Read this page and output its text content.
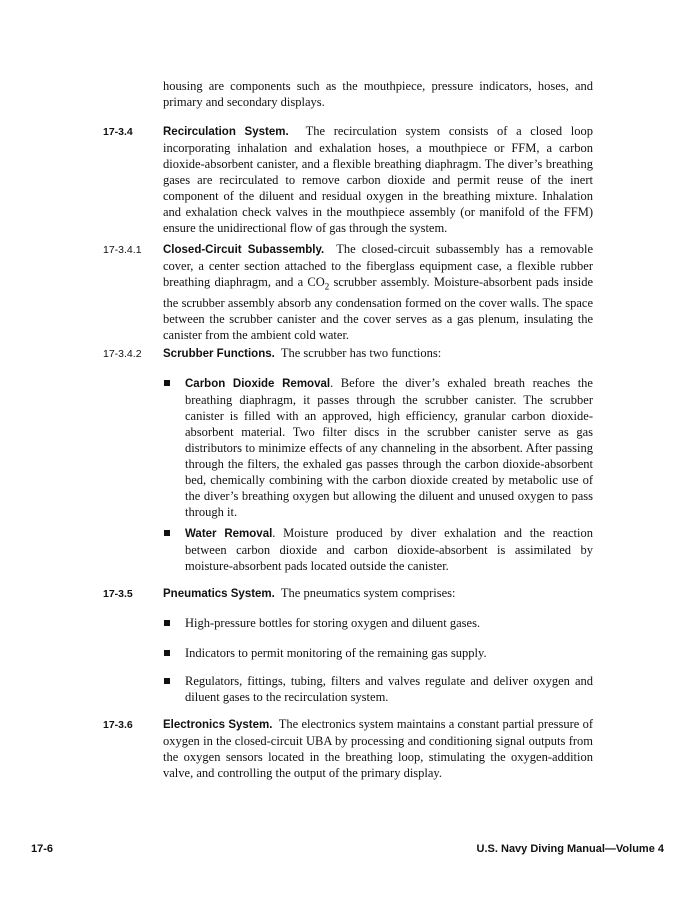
housing are components such as the mouthpiece, pressure indicators, hoses, and primary and secondary displays.
17-3.4	Recirculation System. The recirculation system consists of a closed loop incorporating inhalation and exhalation hoses, a mouthpiece or FFM, a carbon dioxide-absorbent canister, and a flexible breathing diaphragm. The diver’s breathing gases are recirculated to remove carbon dioxide and permit reuse of the inert component of the diluent and residual oxygen in the breathing mixture. Inhalation and exhalation check valves in the mouthpiece assembly (or manifold of the FFM) ensure the unidirectional flow of gas through the system.
17-3.4.1 Closed-Circuit Subassembly. The closed-circuit subassembly has a removable cover, a center section attached to the fiberglass equipment case, a flexible rubber breathing diaphragm, and a $CO_2$ scrubber assembly. Moisture-absorbent pads inside the scrubber assembly absorb any condensation formed on the cover walls. The space between the scrubber canister and the cover serves as a gas plenum, insulating the canister from the ambient cold water.
17-3.4.2 Scrubber Functions. The scrubber has two functions:
Carbon Dioxide Removal. Before the diver’s exhaled breath reaches the breathing diaphragm, it passes through the scrubber canister. The scrubber canister is filled with an approved, high efficiency, granular carbon dioxide-absorbent material. Two filter discs in the scrubber canister serve as gas distributors to minimize effects of any channeling in the absorbent. After passing through the filters, the exhaled gas passes through the carbon dioxide-absorbent bed, chemically combining with the carbon dioxide created by metabolic use of the diver’s breathing oxygen but allowing the diluent and unused oxygen to pass through it.
Water Removal. Moisture produced by diver exhalation and the reaction between carbon dioxide and carbon dioxide-absorbent is assimilated by moisture-absorbent pads located outside the canister.
17-3.5	Pneumatics System. The pneumatics system comprises:
High-pressure bottles for storing oxygen and diluent gases.
Indicators to permit monitoring of the remaining gas supply.
Regulators, fittings, tubing, filters and valves regulate and deliver oxygen and diluent gases to the recirculation system.
17-3.6	Electronics System. The electronics system maintains a constant partial pressure of oxygen in the closed-circuit UBA by processing and conditioning signal outputs from the oxygen sensors located in the breathing loop, stimulating the oxygen-addition valve, and controlling the output of the primary display.
17-6	U.S. Navy Diving Manual—Volume 4
